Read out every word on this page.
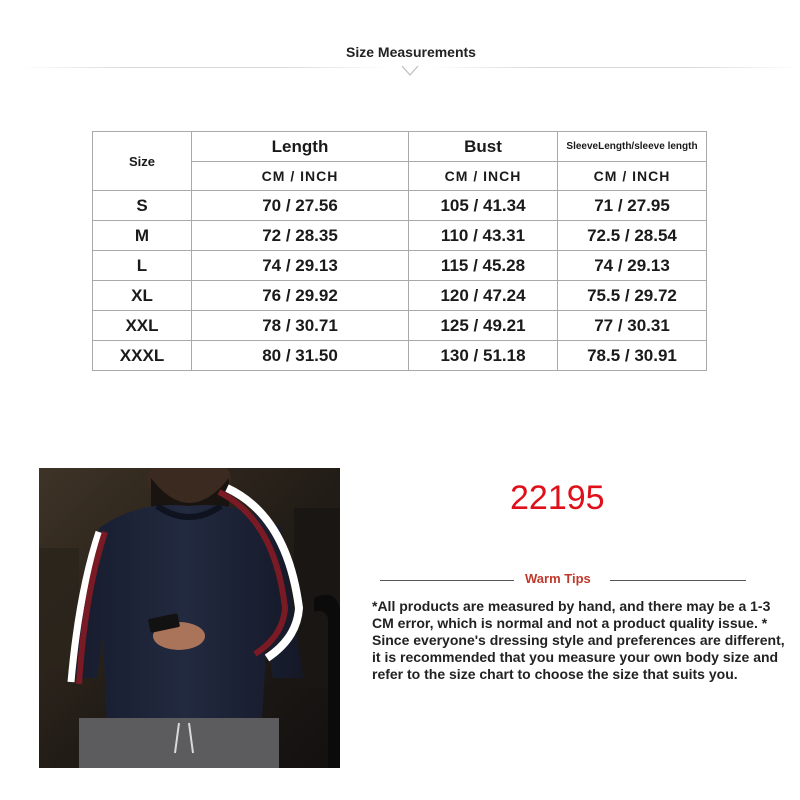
Size Measurements
Size	Length	Bust	SleeveLength/sleeve length
	CM / INCH	CM / INCH	CM / INCH
S	70 / 27.56	105 / 41.34	71 / 27.95
M	72 / 28.35	110 / 43.31	72.5 / 28.54
L	74 / 29.13	115 / 45.28	74 / 29.13
XL	76 / 29.92	120 / 47.24	75.5 / 29.72
XXL	78 / 30.71	125 / 49.21	77 / 30.31
XXXL	80 / 31.50	130 / 51.18	78.5 / 30.91
22195
Warm Tips
*All products are measured by hand, and there may be a 1-3 CM error, which is normal and not a product quality issue. * Since everyone's dressing style and preferences are different, it is recommended that you measure your own body size and refer to the size chart to choose the size that suits you.
